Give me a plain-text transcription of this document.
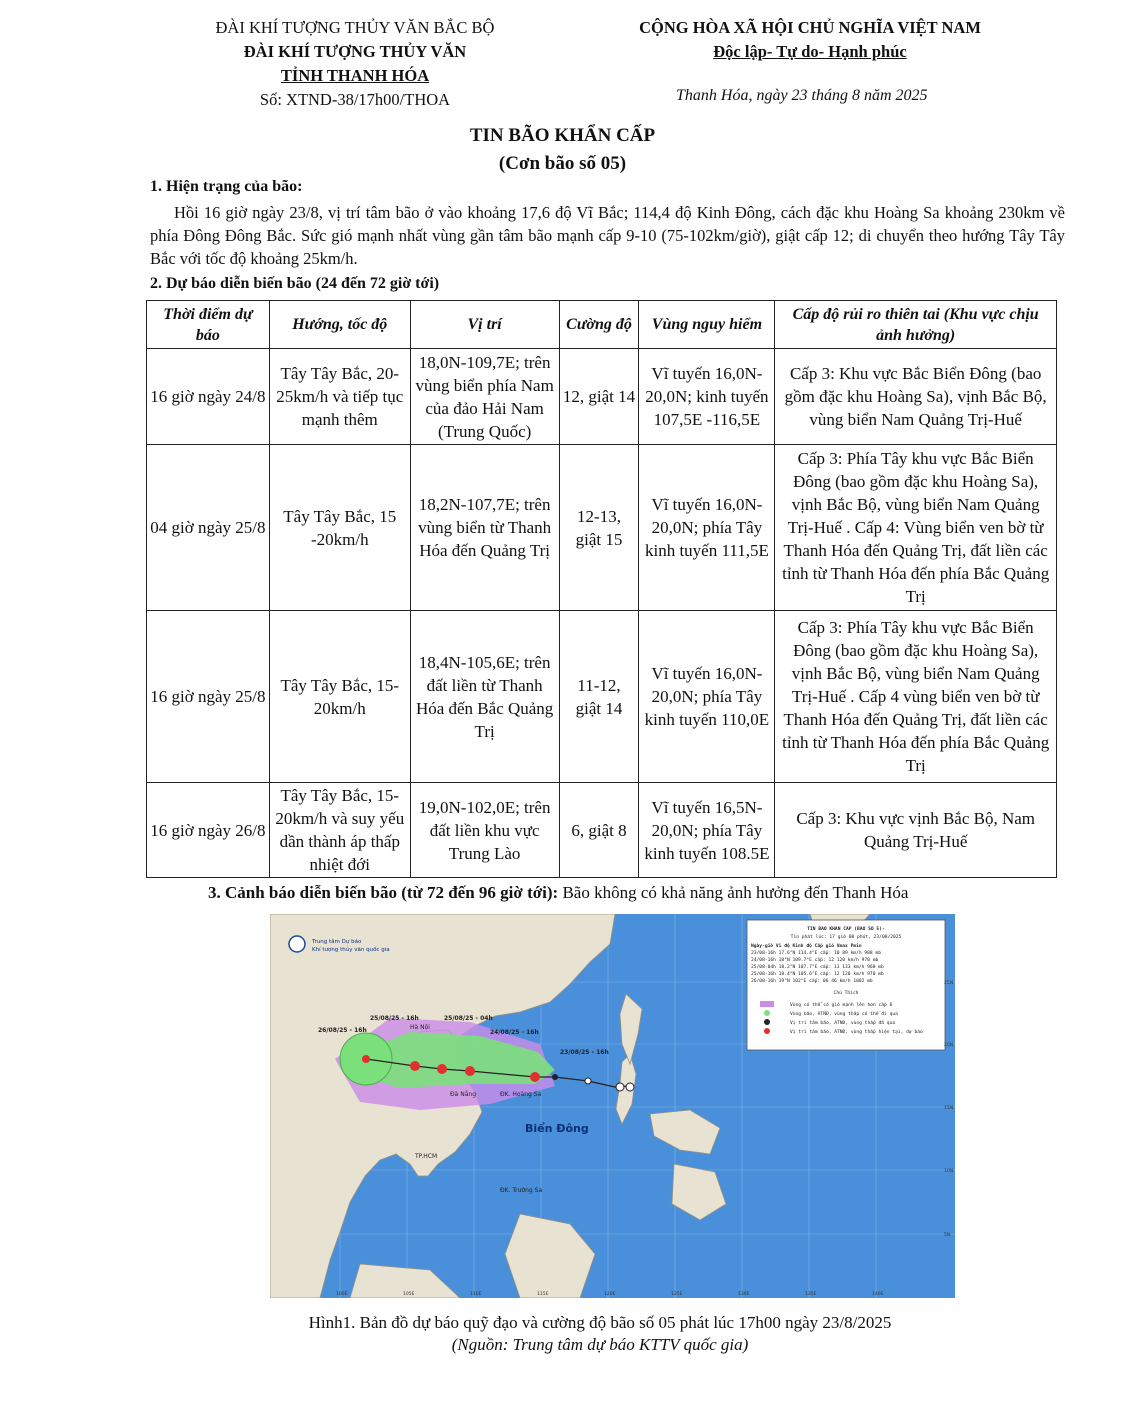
ĐÀI KHÍ TƯỢNG THỦY VĂN BẮC BỘ
ĐÀI KHÍ TƯỢNG THỦY VĂN
TỈNH THANH HÓA
Số: XTND-38/17h00/THOA
CỘNG HÒA XÃ HỘI CHỦ NGHĨA VIỆT NAM
Độc lập- Tự do- Hạnh phúc
Thanh Hóa, ngày 23 tháng 8 năm 2025
TIN BÃO KHẨN CẤP
(Cơn bão số 05)
1. Hiện trạng của bão:
Hồi 16 giờ ngày 23/8, vị trí tâm bão ở vào khoảng 17,6 độ Vĩ Bắc; 114,4 độ Kinh Đông, cách đặc khu Hoàng Sa khoảng 230km về phía Đông Đông Bắc. Sức gió mạnh nhất vùng gần tâm bão mạnh cấp 9-10 (75-102km/giờ), giật cấp 12; di chuyển theo hướng Tây Tây Bắc với tốc độ khoảng 25km/h.
2. Dự báo diễn biến bão (24 đến 72 giờ tới)
Thời điểm dự báo	Hướng, tốc độ	Vị trí	Cường độ	Vùng nguy hiểm	Cấp độ rủi ro thiên tai (Khu vực chịu ảnh hưởng)
16 giờ ngày 24/8	Tây Tây Bắc, 20-25km/h và tiếp tục mạnh thêm	18,0N-109,7E; trên vùng biển phía Nam của đảo Hải Nam (Trung Quốc)	12, giật 14	Vĩ tuyến 16,0N-20,0N; kinh tuyến 107,5E -116,5E	Cấp 3: Khu vực Bắc Biển Đông (bao gồm đặc khu Hoàng Sa), vịnh Bắc Bộ, vùng biển Nam Quảng Trị-Huế
04 giờ ngày 25/8	Tây Tây Bắc, 15 -20km/h	18,2N-107,7E; trên vùng biển từ Thanh Hóa đến Quảng Trị	12-13, giật 15	Vĩ tuyến 16,0N-20,0N; phía Tây kinh tuyến 111,5E	Cấp 3: Phía Tây khu vực Bắc Biển Đông (bao gồm đặc khu Hoàng Sa), vịnh Bắc Bộ, vùng biển Nam Quảng Trị-Huế . Cấp 4: Vùng biển ven bờ từ Thanh Hóa đến Quảng Trị, đất liền các tỉnh từ Thanh Hóa đến phía Bắc Quảng Trị
16 giờ ngày 25/8	Tây Tây Bắc, 15-20km/h	18,4N-105,6E; trên đất liền từ Thanh Hóa đến Bắc Quảng Trị	11-12, giật 14	Vĩ tuyến 16,0N-20,0N; phía Tây kinh tuyến 110,0E	Cấp 3: Phía Tây khu vực Bắc Biển Đông (bao gồm đặc khu Hoàng Sa), vịnh Bắc Bộ, vùng biển Nam Quảng Trị-Huế . Cấp 4 vùng biển ven bờ từ Thanh Hóa đến Quảng Trị, đất liền các tỉnh từ Thanh Hóa đến phía Bắc Quảng Trị
16 giờ ngày 26/8	Tây Tây Bắc, 15-20km/h và suy yếu dần thành áp thấp nhiệt đới	19,0N-102,0E; trên đất liền khu vực Trung Lào	6, giật 8	Vĩ tuyến 16,5N-20,0N; phía Tây kinh tuyến 108.5E	Cấp 3: Khu vực vịnh Bắc Bộ, Nam Quảng Trị-Huế
3. Cảnh báo diễn biến bão (từ 72 đến 96 giờ tới): Bão không có khả năng ảnh hưởng đến Thanh Hóa
26/08/25 - 16h
25/08/25 - 16h	25/08/25 - 04h
24/08/25 - 16h
23/08/25 - 16h
Hà Nội
Đà Nẵng	ĐK. Hoàng Sa
TP.HCM
ĐK. Trường Sa
Biển Đông
Trung tâm Dự báo
Khí tượng thủy văn quốc gia
TIN BAO KHAN CAP (BAO SO 5)-
Tin phát lúc: 17 giờ 00 phút, 23/08/2025
Ngày-giờ Vĩ độ Kinh độ Cấp gió Vmax Pmin
23/08-16h 17.6°N 114.4°E cấp: 10 89 km/h 988 mb
24/08-16h 18°N 109.7°E cấp: 12 120 km/h 970 mb
25/08-04h 18.2°N 107.7°E cấp: 13 133 km/h 960 mb
25/08-16h 18.4°N 105.6°E cấp: 12 120 km/h 970 mb
26/08-16h 19°N 102°E cấp: 06 46 km/h 1002 mb
Chú Thích
Vùng có thể có gió mạnh lên hơn cấp 6
Vùng bão, ATNĐ, vùng thấp có thể đi qua
Vị trí tâm bão, ATNĐ, vùng thấp đã qua
Vị trí tâm bão, ATNĐ, vùng thấp hiện tại, dự báo
100E	105E	110E	115E	120E	125E	130E	135E	140E
25N
20N
15N
10N
5N
Hình1. Bản đồ dự báo quỹ đạo và cường độ bão số 05 phát lúc 17h00 ngày 23/8/2025
(Nguồn: Trung tâm dự báo KTTV quốc gia)
